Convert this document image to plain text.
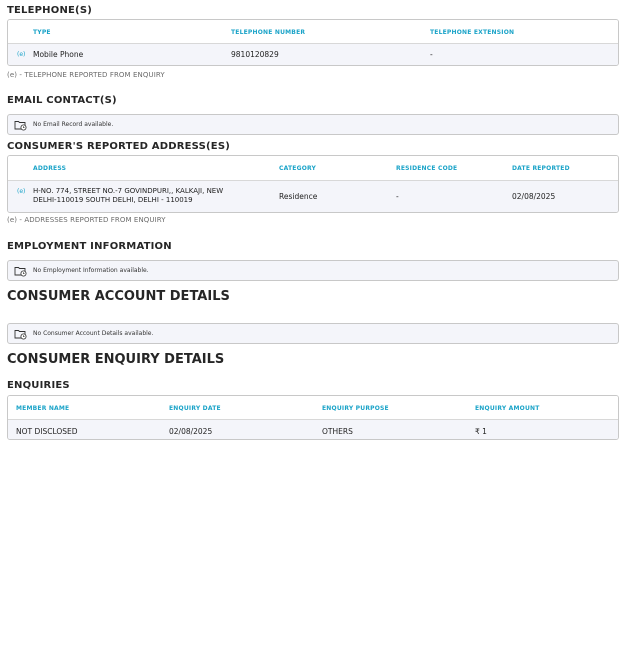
TELEPHONE(S)
TYPE	TELEPHONE NUMBER	TELEPHONE EXTENSION
(e) Mobile Phone	9810120829	-
(e) - TELEPHONE REPORTED FROM ENQUIRY
EMAIL CONTACT(S)
No Email Record available.
CONSUMER'S REPORTED ADDRESS(ES)
ADDRESS	CATEGORY	RESIDENCE CODE	DATE REPORTED
(e) H-NO. 774, STREET NO.-7 GOVINDPURI,, KALKAJI, NEW
DELHI-110019 SOUTH DELHI, DELHI - 110019	Residence	-	02/08/2025
(e) - ADDRESSES REPORTED FROM ENQUIRY
EMPLOYMENT INFORMATION
No Employment Information available.
CONSUMER ACCOUNT DETAILS
No Consumer Account Details available.
CONSUMER ENQUIRY DETAILS
ENQUIRIES
MEMBER NAME	ENQUIRY DATE	ENQUIRY PURPOSE	ENQUIRY AMOUNT
NOT DISCLOSED	02/08/2025	OTHERS	₹ 1
